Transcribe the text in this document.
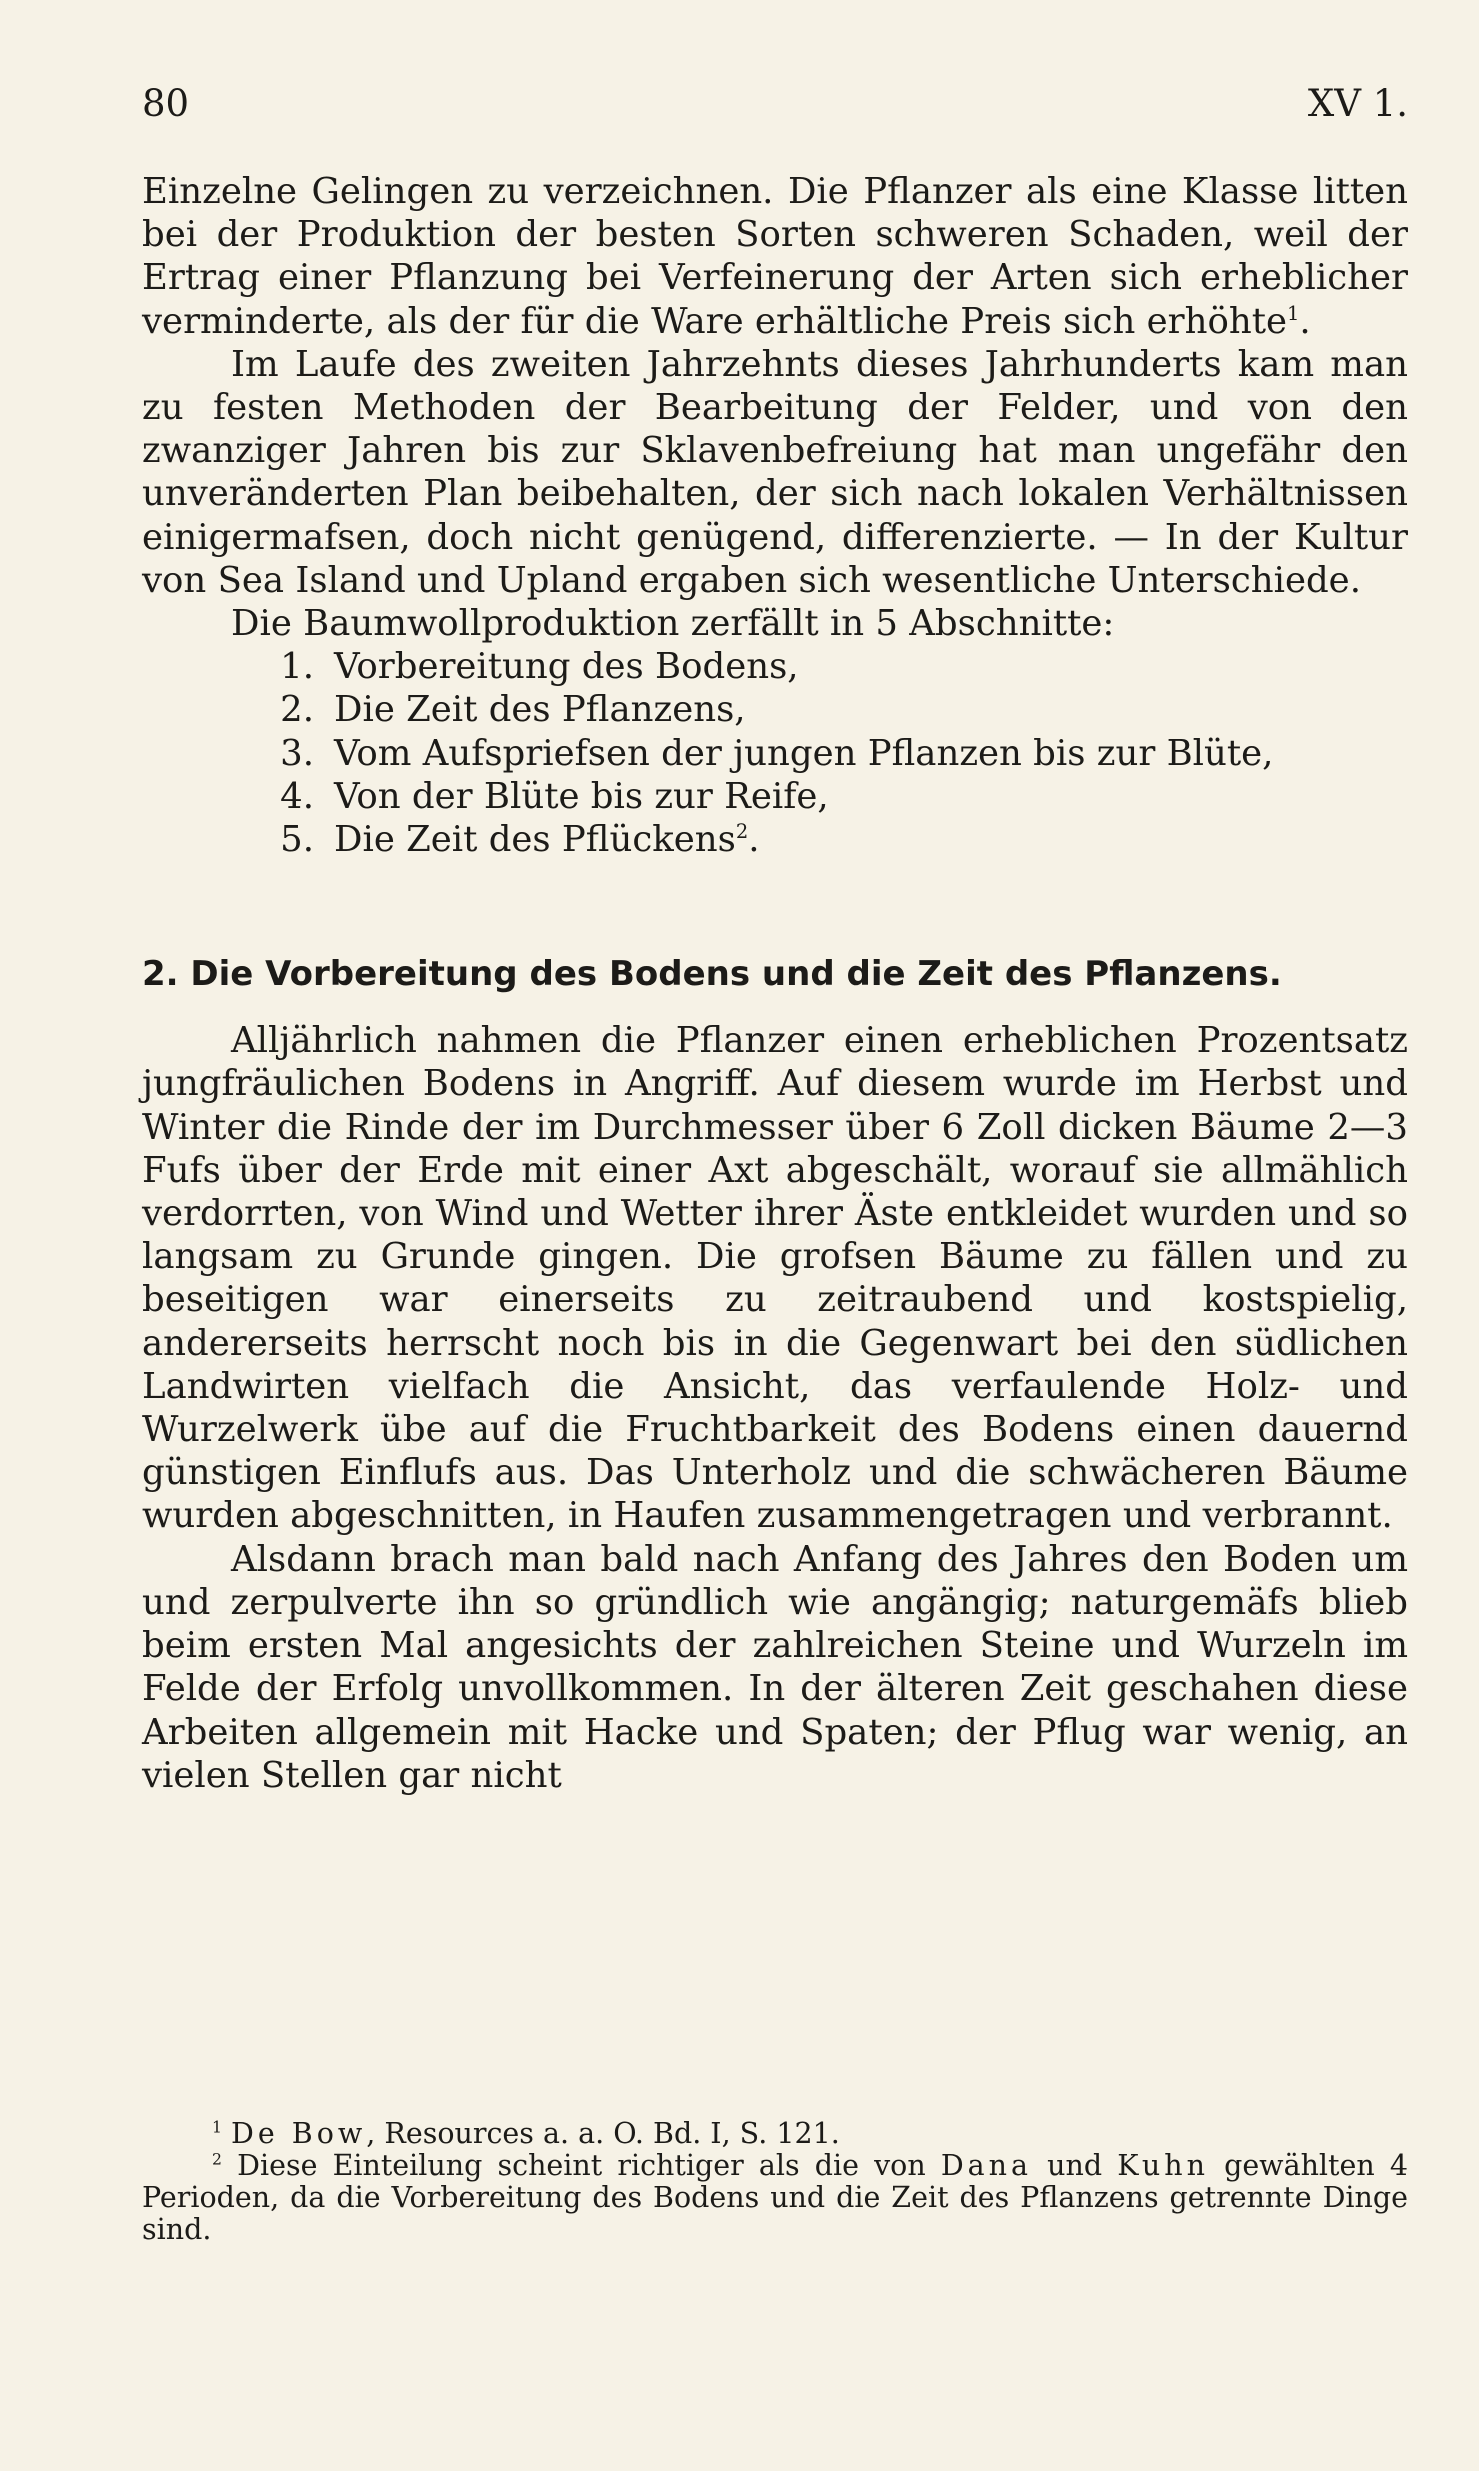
80	XV 1.

Einzelne Gelingen zu verzeichnen. Die Pflanzer als eine Klasse litten bei der Produktion der besten Sorten schweren Schaden, weil der Ertrag einer Pflanzung bei Verfeinerung der Arten sich erheblicher verminderte, als der für die Ware erhältliche Preis sich erhöhte$^1$.

Im Laufe des zweiten Jahrzehnts dieses Jahrhunderts kam man zu festen Methoden der Bearbeitung der Felder, und von den zwanziger Jahren bis zur Sklavenbefreiung hat man ungefähr den unveränderten Plan beibehalten, der sich nach lokalen Verhältnissen einigermafsen, doch nicht genügend, differenzierte. — In der Kultur von Sea Island und Upland ergaben sich wesentliche Unterschiede.

Die Baumwollproduktion zerfällt in 5 Abschnitte:

1. Vorbereitung des Bodens,
2. Die Zeit des Pflanzens,
3. Vom Aufspriefsen der jungen Pflanzen bis zur Blüte,
4. Von der Blüte bis zur Reife,
5. Die Zeit des Pflückens$^2$.
2. Die Vorbereitung des Bodens und die Zeit des Pflanzens.

Alljährlich nahmen die Pflanzer einen erheblichen Prozentsatz jungfräulichen Bodens in Angriff. Auf diesem wurde im Herbst und Winter die Rinde der im Durchmesser über 6 Zoll dicken Bäume 2—3 Fufs über der Erde mit einer Axt abgeschält, worauf sie allmählich verdorrten, von Wind und Wetter ihrer Äste entkleidet wurden und so langsam zu Grunde gingen. Die grofsen Bäume zu fällen und zu beseitigen war einerseits zu zeitraubend und kostspielig, andererseits herrscht noch bis in die Gegenwart bei den südlichen Landwirten vielfach die Ansicht, das verfaulende Holz- und Wurzelwerk übe auf die Fruchtbarkeit des Bodens einen dauernd günstigen Einflufs aus. Das Unterholz und die schwächeren Bäume wurden abgeschnitten, in Haufen zusammengetragen und verbrannt.

Alsdann brach man bald nach Anfang des Jahres den Boden um und zerpulverte ihn so gründlich wie angängig; naturgemäfs blieb beim ersten Mal angesichts der zahlreichen Steine und Wurzeln im Felde der Erfolg unvollkommen. In der älteren Zeit geschahen diese Arbeiten allgemein mit Hacke und Spaten; der Pflug war wenig, an vielen Stellen gar nicht

$^1$ De Bow, Resources a. a. O. Bd. I, S. 121.

$^2$ Diese Einteilung scheint richtiger als die von Dana und Kuhn gewählten 4 Perioden, da die Vorbereitung des Bodens und die Zeit des Pflanzens getrennte Dinge sind.
